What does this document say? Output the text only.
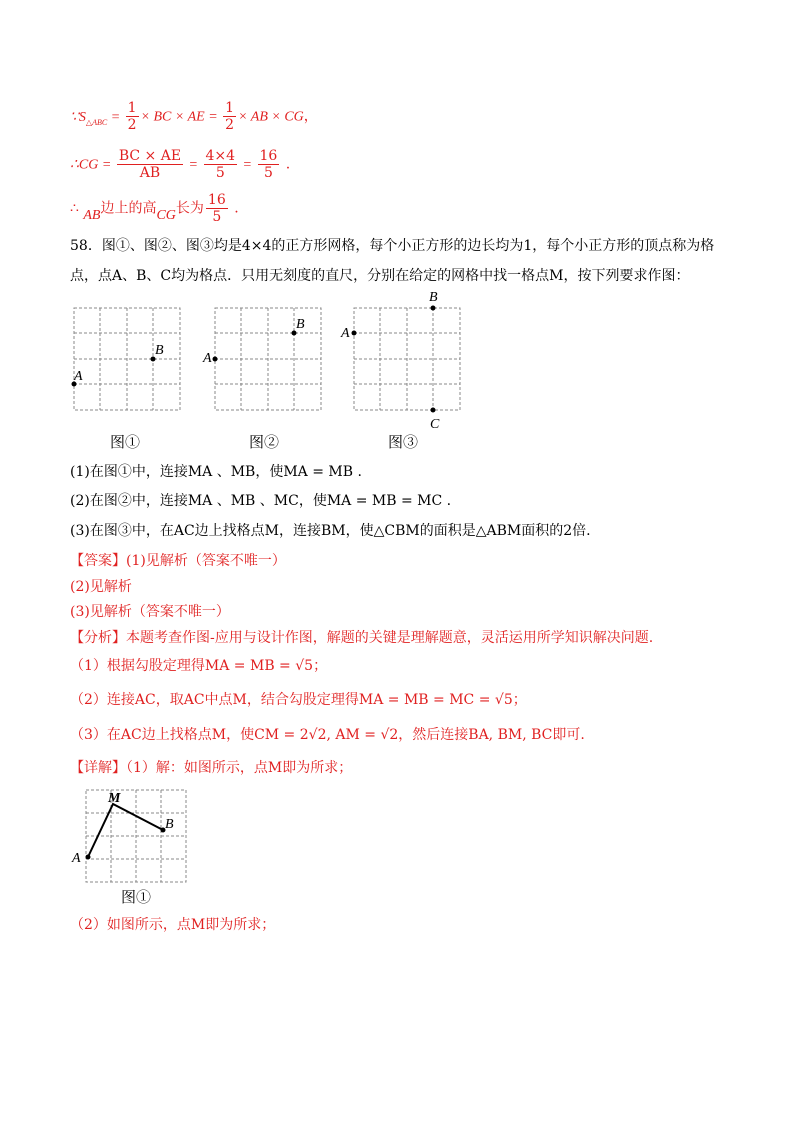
$\because S_{\triangle ABC} = \frac{1}{2}$ × BC × AE = $\frac{1}{2}$ × AB × CG，
∴CG = $\frac{BC \times AE}{AB} = \frac{4\times 4}{5} = \frac{16}{5}$ .
∴ AB边上的高CG长为 $\frac{16}{5}$ .
58．图①、图②、图③均是4×4的正方形网格，每个小正方形的边长均为1，每个小正方形的顶点称为格
点，点A、B、C均为格点．只用无刻度的直尺，分别在给定的网格中找一格点M，按下列要求作图：
A
B
图①
A
B
图②
A
B
C
图③
(1)在图①中，连接MA 、MB，使MA = MB .
(2)在图②中，连接MA 、MB 、MC，使MA = MB = MC .
(3)在图③中，在AC边上找格点M，连接BM，使△CBM的面积是△ABM面积的2倍.
【答案】(1)见解析（答案不唯一）
(2)见解析
(3)见解析（答案不唯一）
【分析】本题考查作图-应用与设计作图，解题的关键是理解题意，灵活运用所学知识解决问题.
（1）根据勾股定理得MA = MB = √5；
（2）连接AC，取AC中点M，结合勾股定理得MA = MB = MC = √5；
（3）在AC边上找格点M，使CM = 2√2, AM = √2，然后连接BA, BM, BC即可.
【详解】（1）解：如图所示，点M即为所求；
A
M
B
图①
（2）如图所示，点M即为所求；
